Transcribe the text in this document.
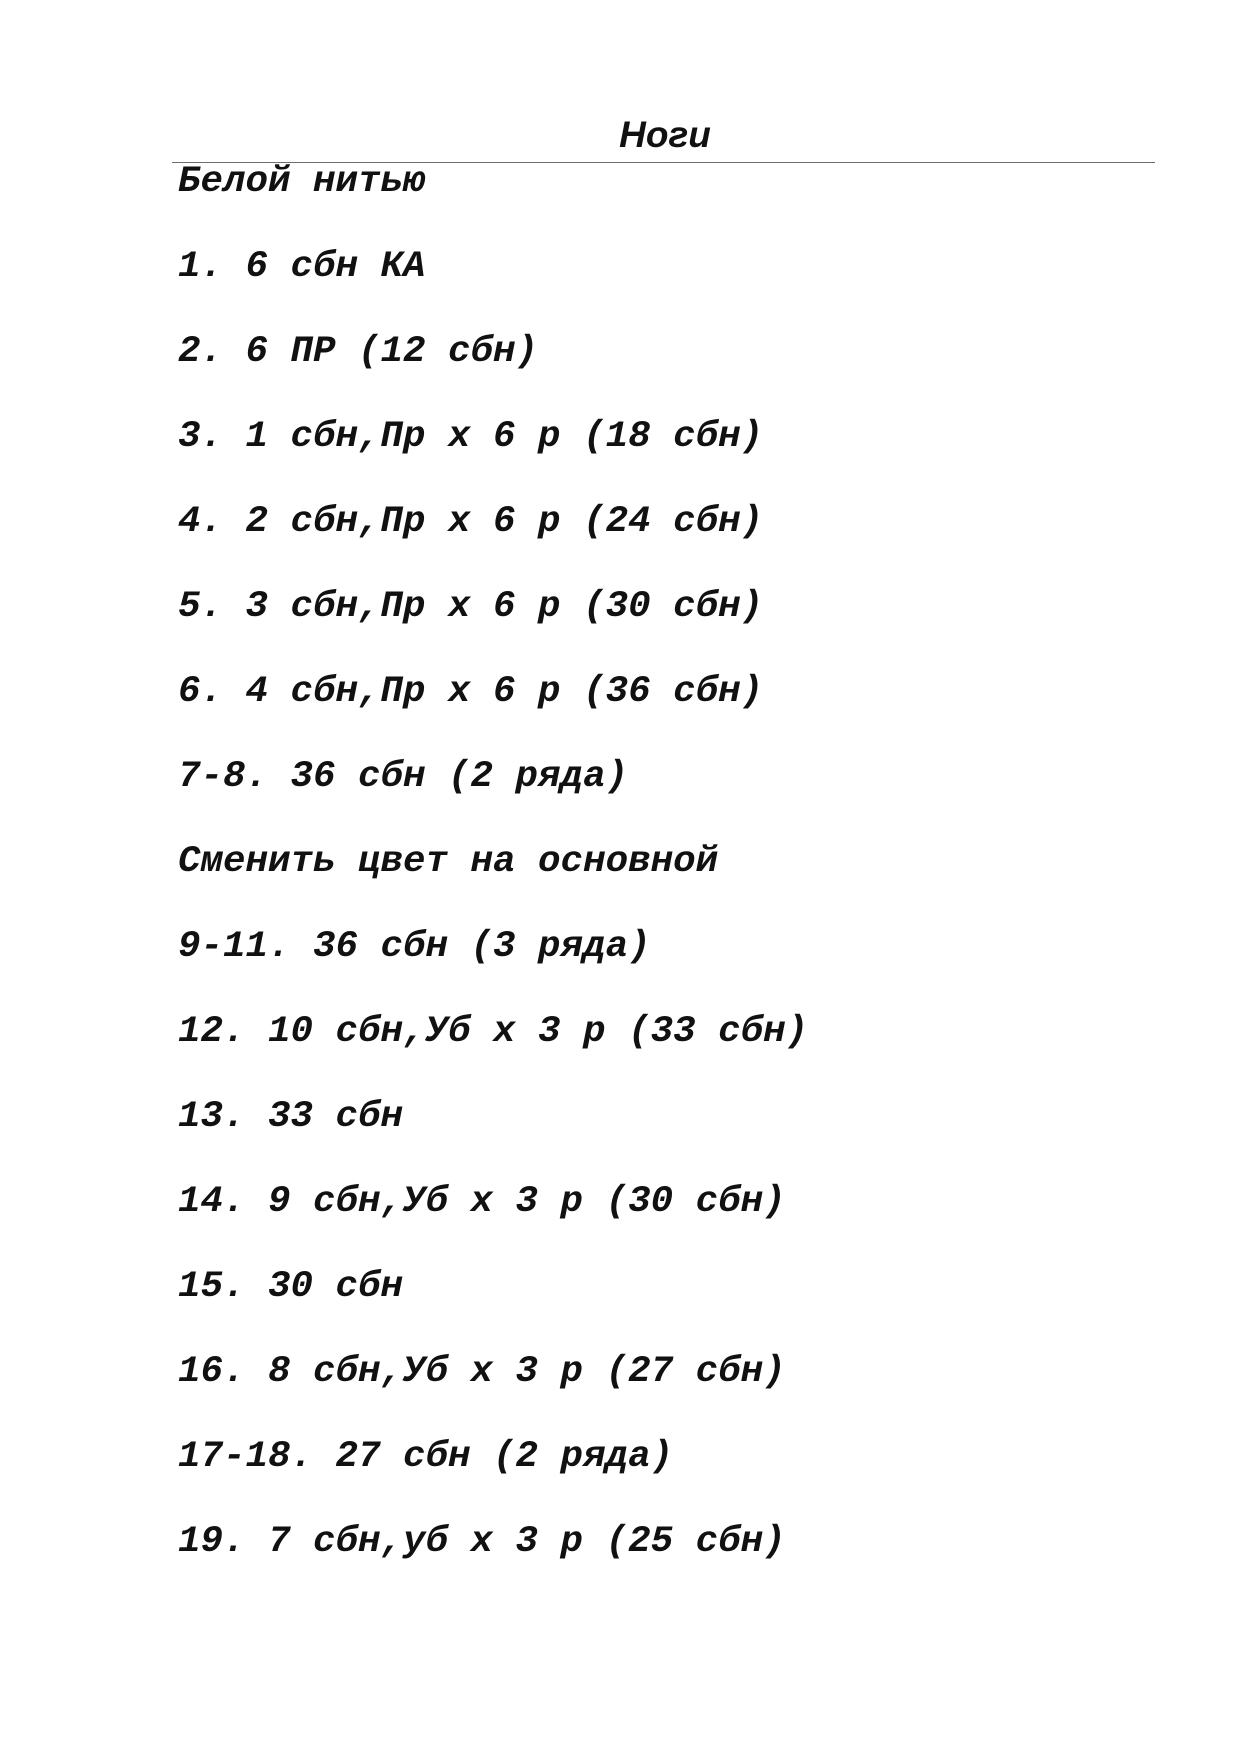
Ноги
Белой нитью
1. 6 сбн КА
2. 6 ПР (12 сбн)
3. 1 сбн,Пр х 6 р (18 сбн)
4. 2 сбн,Пр х 6 р (24 сбн)
5. 3 сбн,Пр х 6 р (30 сбн)
6. 4 сбн,Пр х 6 р (36 сбн)
7-8. 36 сбн (2 ряда)
Сменить цвет на основной
9-11. 36 сбн (3 ряда)
12. 10 сбн,Уб х 3 р (33 сбн)
13. 33 сбн
14. 9 сбн,Уб х 3 р (30 сбн)
15. 30 сбн
16. 8 сбн,Уб х 3 р (27 сбн)
17-18. 27 сбн (2 ряда)
19. 7 сбн,уб х 3 р (25 сбн)
